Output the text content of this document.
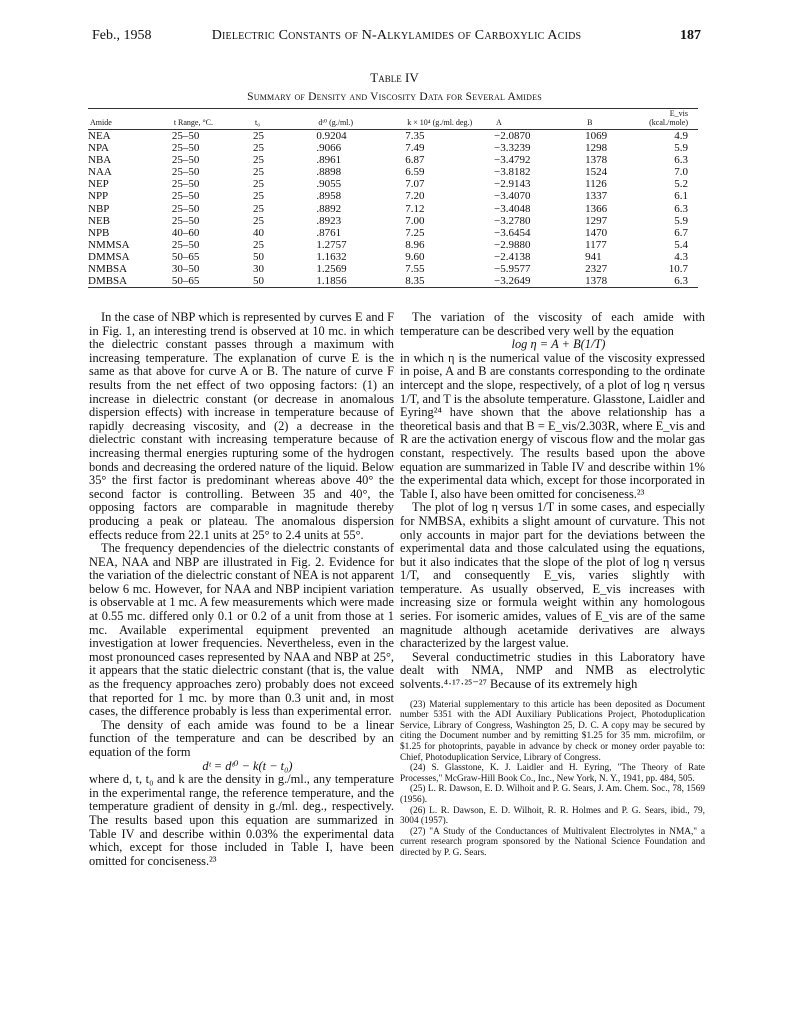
Feb., 1958	Dielectric Constants of N-Alkylamides of Carboxylic Acids	187
Table IV
Summary of Density and Viscosity Data for Several Amides
Amide	t Range, °C.	t₀	dᵗ⁰ (g./ml.)	k × 10⁴ (g./ml. deg.)	A	B	E_vis (kcal./mole)
NEA	25–50	25	0.9204	7.35	−2.0870	1069	4.9
NPA	25–50	25	.9066	7.49	−3.3239	1298	5.9
NBA	25–50	25	.8961	6.87	−3.4792	1378	6.3
NAA	25–50	25	.8898	6.59	−3.8182	1524	7.0
NEP	25–50	25	.9055	7.07	−2.9143	1126	5.2
NPP	25–50	25	.8958	7.20	−3.4070	1337	6.1
NBP	25–50	25	.8892	7.12	−3.4048	1366	6.3
NEB	25–50	25	.8923	7.00	−3.2780	1297	5.9
NPB	40–60	40	.8761	7.25	−3.6454	1470	6.7
NMMSA	25–50	25	1.2757	8.96	−2.9880	1177	5.4
DMMSA	50–65	50	1.1632	9.60	−2.4138	941	4.3
NMBSA	30–50	30	1.2569	7.55	−5.9577	2327	10.7
DMBSA	50–65	50	1.1856	8.35	−3.2649	1378	6.3

In the case of NBP which is represented by curves E and F in Fig. 1, an interesting trend is observed at 10 mc. in which the dielectric constant passes through a maximum with increasing temperature. The explanation of curve E is the same as that above for curve A or B. The nature of curve F results from the net effect of two opposing factors: (1) an increase in dielectric constant (or decrease in anomalous dispersion effects) with increase in temperature because of rapidly decreasing viscosity, and (2) a decrease in the dielectric constant with increasing temperature because of increasing thermal energies rupturing some of the hydrogen bonds and decreasing the ordered nature of the liquid. Below 35° the first factor is predominant whereas above 40° the second factor is controlling. Between 35 and 40°, the opposing factors are comparable in magnitude thereby producing a peak or plateau. The anomalous dispersion effects reduce from 22.1 units at 25° to 2.4 units at 55°.

The frequency dependencies of the dielectric constants of NEA, NAA and NBP are illustrated in Fig. 2. Evidence for the variation of the dielectric constant of NEA is not apparent below 6 mc. However, for NAA and NBP incipient variation is observable at 1 mc. A few measurements which were made at 0.55 mc. differed only 0.1 or 0.2 of a unit from those at 1 mc. Available experimental equipment prevented an investigation at lower frequencies. Nevertheless, even in the most pronounced cases represented by NAA and NBP at 25°, it appears that the static dielectric constant (that is, the value as the frequency approaches zero) probably does not exceed that reported for 1 mc. by more than 0.3 unit and, in most cases, the difference probably is less than experimental error.

The density of each amide was found to be a linear function of the temperature and can be described by an equation of the form

dᵗ = dᵗ⁰ − k(t − t₀)

where d, t, t₀ and k are the density in g./ml., any temperature in the experimental range, the reference temperature, and the temperature gradient of density in g./ml. deg., respectively. The results based upon this equation are summarized in Table IV and describe within 0.03% the experimental data which, except for those included in Table I, have been omitted for conciseness.²³

The variation of the viscosity of each amide with temperature can be described very well by the equation

log η = A + B(1/T)

in which η is the numerical value of the viscosity expressed in poise, A and B are constants corresponding to the ordinate intercept and the slope, respectively, of a plot of log η versus 1/T, and T is the absolute temperature. Glasstone, Laidler and Eyring²⁴ have shown that the above relationship has a theoretical basis and that B = E_vis/2.303R, where E_vis and R are the activation energy of viscous flow and the molar gas constant, respectively. The results based upon the above equation are summarized in Table IV and describe within 1% the experimental data which, except for those incorporated in Table I, also have been omitted for conciseness.²³

The plot of log η versus 1/T in some cases, and especially for NMBSA, exhibits a slight amount of curvature. This not only accounts in major part for the deviations between the experimental data and those calculated using the equations, but it also indicates that the slope of the plot of log η versus 1/T, and consequently E_vis, varies slightly with temperature. As usually observed, E_vis increases with increasing size or formula weight within any homologous series. For isomeric amides, values of E_vis are of the same magnitude although acetamide derivatives are always characterized by the largest value.

Several conductimetric studies in this Laboratory have dealt with NMA, NMP and NMB as electrolytic solvents.⁴·¹⁷·²⁵⁻²⁷ Because of its extremely high

(23) Material supplementary to this article has been deposited as Document number 5351 with the ADI Auxiliary Publications Project, Photoduplication Service, Library of Congress, Washington 25, D. C. A copy may be secured by citing the Document number and by remitting $1.25 for 35 mm. microfilm, or $1.25 for photoprints, payable in advance by check or money order payable to: Chief, Photoduplication Service, Library of Congress.

(24) S. Glasstone, K. J. Laidler and H. Eyring, "The Theory of Rate Processes," McGraw-Hill Book Co., Inc., New York, N. Y., 1941, pp. 484, 505.

(25) L. R. Dawson, E. D. Wilhoit and P. G. Sears, J. Am. Chem. Soc., 78, 1569 (1956).

(26) L. R. Dawson, E. D. Wilhoit, R. R. Holmes and P. G. Sears, ibid., 79, 3004 (1957).

(27) "A Study of the Conductances of Multivalent Electrolytes in NMA," a current research program sponsored by the National Science Foundation and directed by P. G. Sears.
